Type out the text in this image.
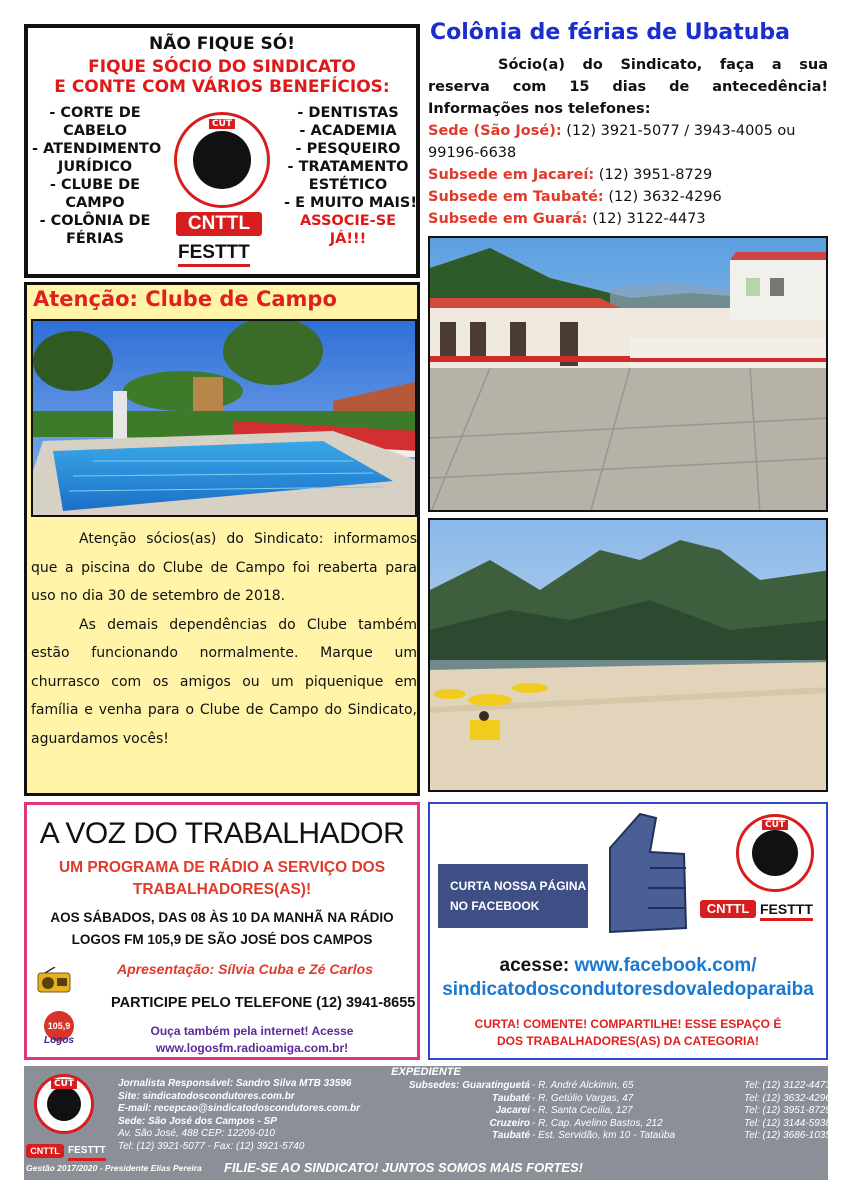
NÃO FIQUE SÓ!
FIQUE SÓCIO DO SINDICATO
E CONTE COM VÁRIOS BENEFÍCIOS:
- CORTE DE
CABELO
- ATENDIMENTO
JURÍDICO
- CLUBE DE
CAMPO
- COLÔNIA DE
FÉRIAS
- DENTISTAS
- ACADEMIA
- PESQUEIRO
- TRATAMENTO
ESTÉTICO
- E MUITO MAIS!
ASSOCIE-SE
JÁ!!!
CUT
CNTTL
FESTTT
Colônia de férias de Ubatuba
Sócio(a) do Sindicato, faça a sua reserva com 15 dias de antecedência! Informações nos telefones:
Sede (São José): (12) 3921-5077 / 3943-4005 ou 99196-6638
Subsede em Jacareí: (12) 3951-8729
Subsede em Taubaté: (12) 3632-4296
Subsede em Guará: (12) 3122-4473
Atenção: Clube de Campo

Atenção sócios(as) do Sindicato: informamos que a piscina do Clube de Campo foi reaberta para uso no dia 30 de setembro de 2018.

As demais dependências do Clube também estão funcionando normalmente. Marque um churrasco com os amigos ou um piquenique em família e venha para o Clube de Campo do Sindicato, aguardamos vocês!

A VOZ DO TRABALHADOR
UM PROGRAMA DE RÁDIO A SERVIÇO DOS
TRABALHADORES(AS)!
AOS SÁBADOS, DAS 08 ÀS 10 DA MANHÃ NA RÁDIO
LOGOS FM 105,9 DE SÃO JOSÉ DOS CAMPOS
Apresentação: Sílvia Cuba e Zé Carlos
PARTICIPE PELO TELEFONE (12) 3941-8655
105,9
Logos
Ouça também pela internet! Acesse
www.logosfm.radioamiga.com.br!
CURTA NOSSA PÁGINA
NO FACEBOOK
CUT
CNTTL FESTTT
acesse: www.facebook.com/
sindicatodoscondutoresdovaledoparaiba
CURTA! COMENTE! COMPARTILHE! ESSE ESPAÇO É
DOS TRABALHADORES(AS) DA CATEGORIA!
EXPEDIENTE
CUT
CNTTL FESTTT
Jornalista Responsável: Sandro Silva MTB 33596
Site: sindicatodoscondutores.com.br
E-mail: recepcao@sindicatodoscondutores.com.br
Sede: São José dos Campos - SP
Av. São José, 488 CEP: 12209-010
Tel: (12) 3921-5077 - Fax: (12) 3921-5740
Subsedes: Guaratinguetá - R. André Alckimin, 65	Tel: (12) 3122-4473
Taubaté - R. Getúlio Vargas, 47	Tel: (12) 3632-4296
Jacareí - R. Santa Cecília, 127	Tel: (12) 3951-8729
Cruzeiro - R. Cap. Avelino Bastos, 212	Tel: (12) 3144-5938
Taubaté - Est. Servidão, km 10 - Tataúba	Tel: (12) 3686-1035
Gestão 2017/2020 - Presidente Elias Pereira FILIE-SE AO SINDICATO! JUNTOS SOMOS MAIS FORTES!
